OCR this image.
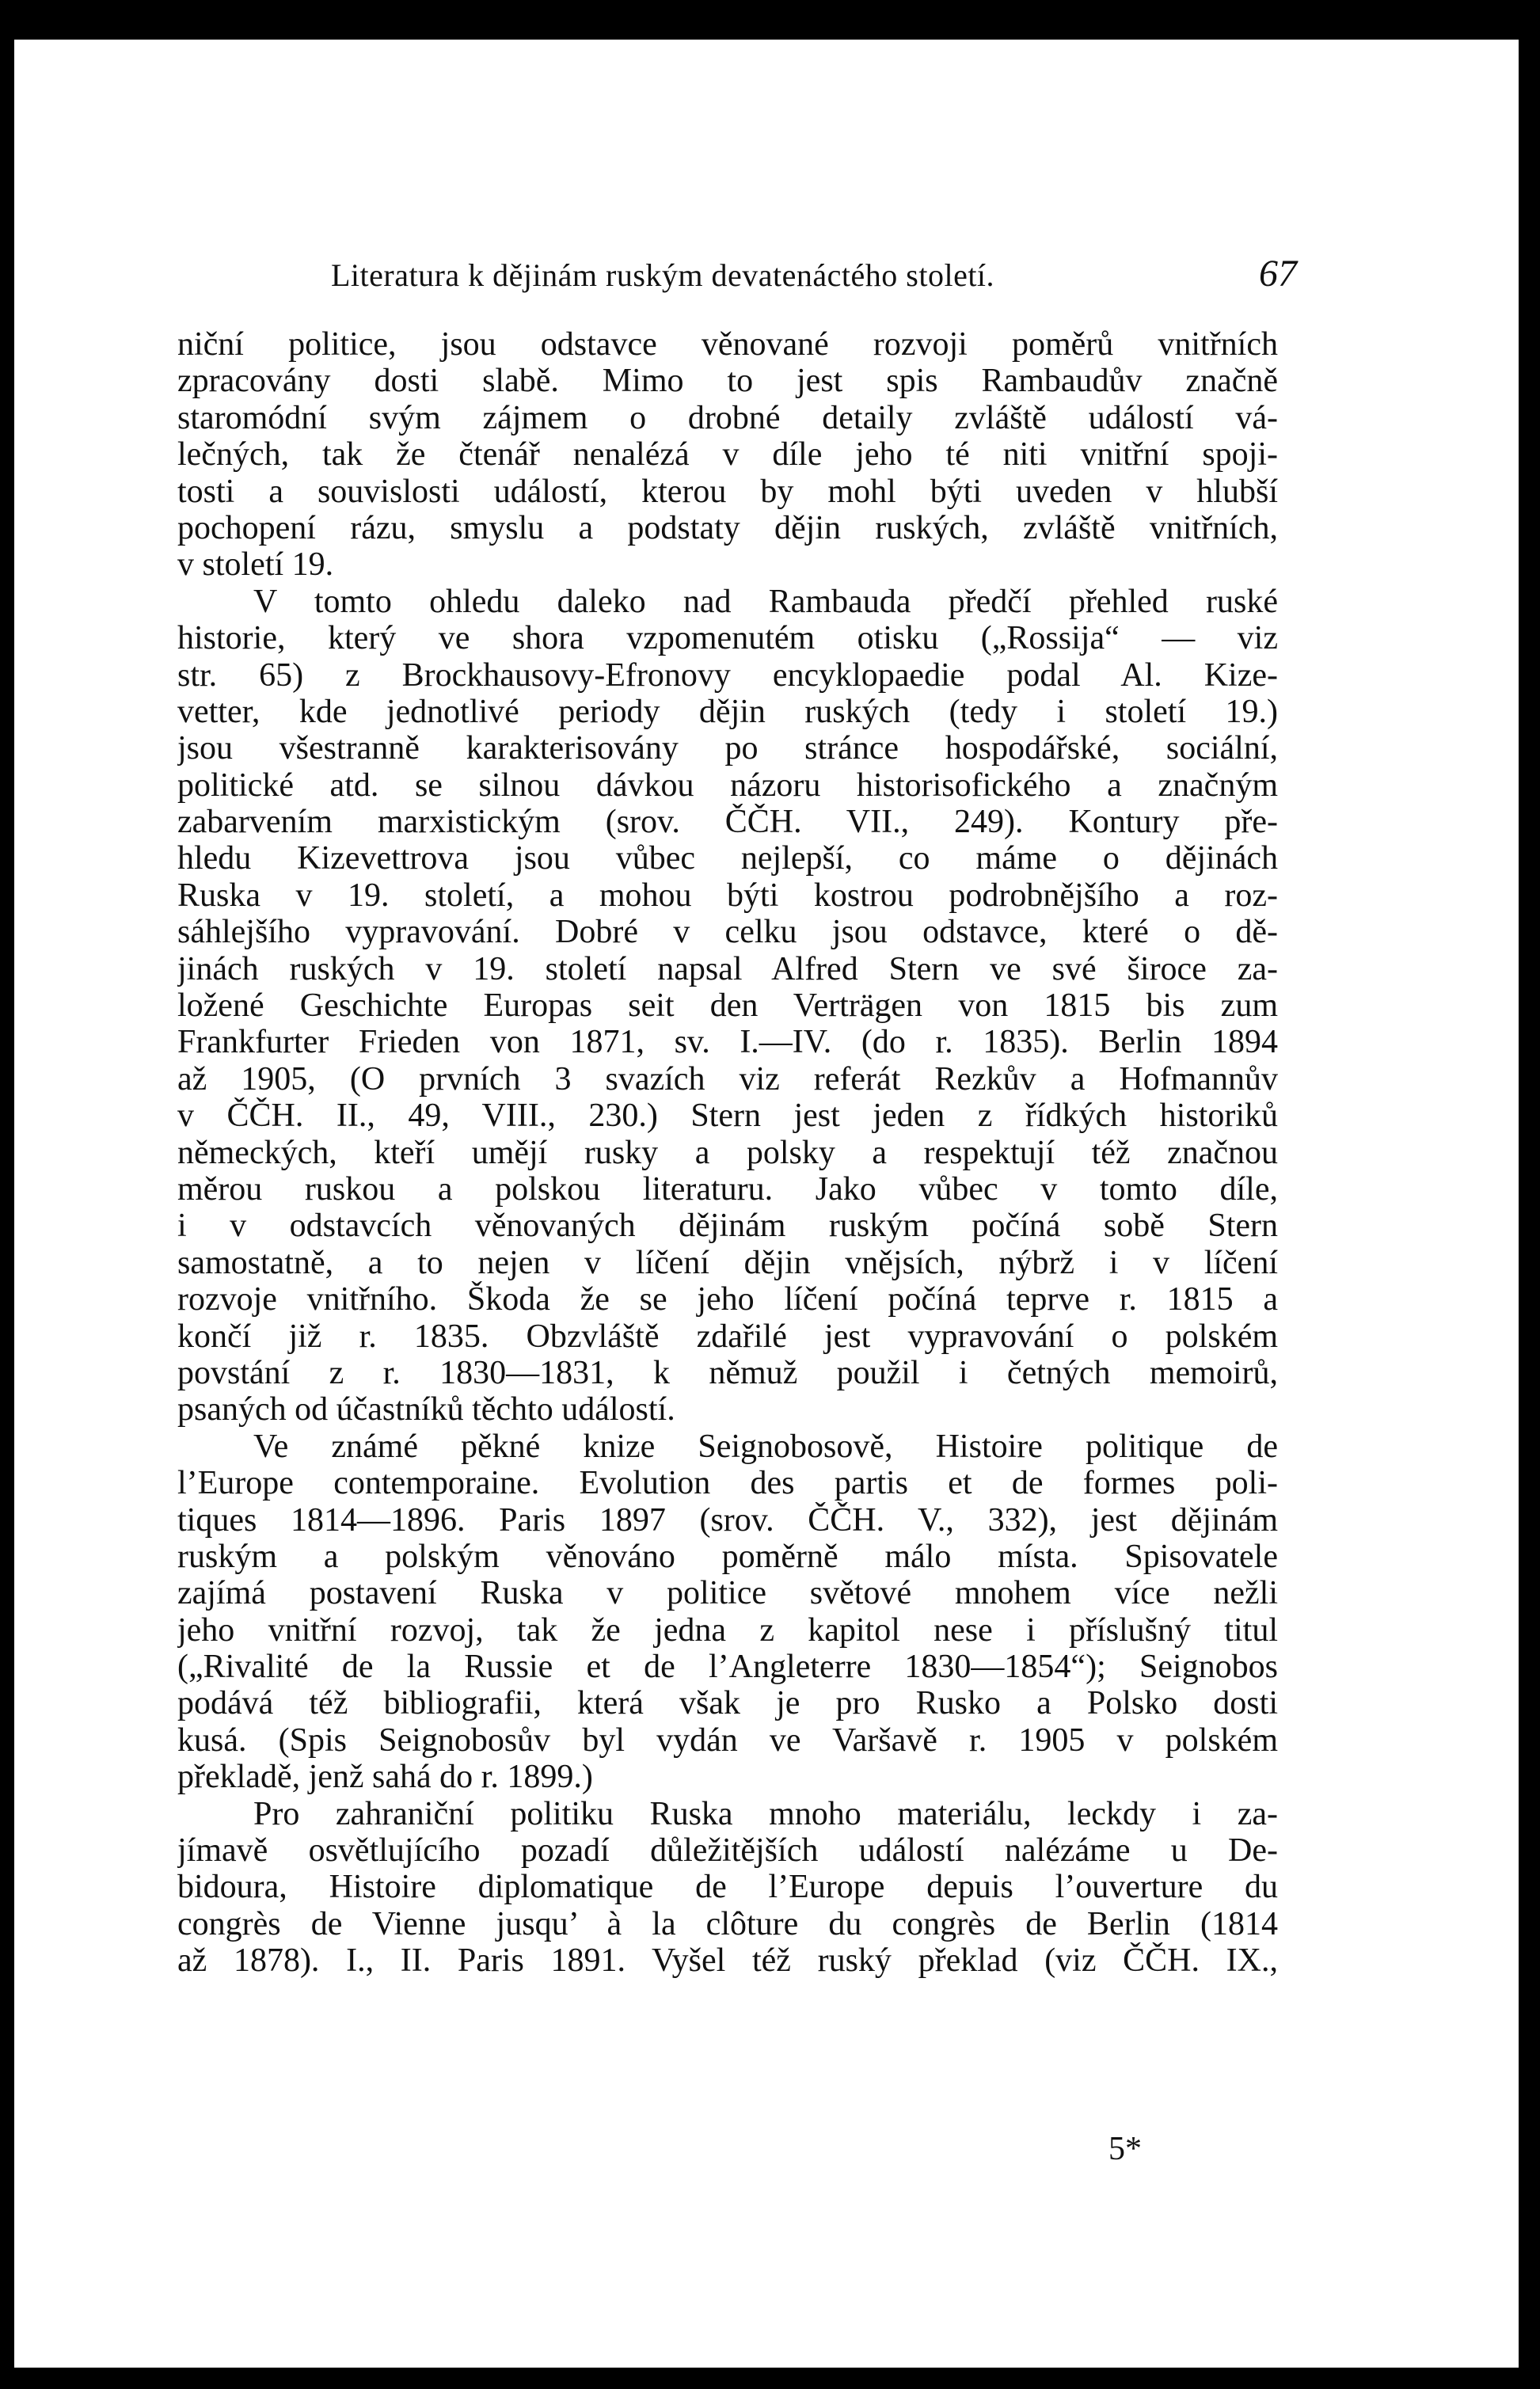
Literatura k dějinám ruským devatenáctého století.	67
niční politice, jsou odstavce věnované rozvoji poměrů vnitřních
zpracovány dosti slabě. Mimo to jest spis Rambaudův značně
staromódní svým zájmem o drobné detaily zvláště událostí vá-
lečných, tak že čtenář nenalézá v díle jeho té niti vnitřní spoji-
tosti a souvislosti událostí, kterou by mohl býti uveden v hlubší
pochopení rázu, smyslu a podstaty dějin ruských, zvláště vnitřních,
v století 19.
V tomto ohledu daleko nad Rambauda předčí přehled ruské
historie, který ve shora vzpomenutém otisku („Rossija“ — viz
str. 65) z Brockhausovy-Efronovy encyklopaedie podal Al. Kize-
vetter, kde jednotlivé periody dějin ruských (tedy i století 19.)
jsou všestranně karakterisovány po stránce hospodářské, sociální,
politické atd. se silnou dávkou názoru historisofického a značným
zabarvením marxistickým (srov. ČČH. VII., 249). Kontury pře-
hledu Kizevettrova jsou vůbec nejlepší, co máme o dějinách
Ruska v 19. století, a mohou býti kostrou podrobnějšího a roz-
sáhlejšího vypravování. Dobré v celku jsou odstavce, které o dě-
jinách ruských v 19. století napsal Alfred Stern ve své široce za-
ložené Geschichte Europas seit den Verträgen von 1815 bis zum
Frankfurter Frieden von 1871, sv. I.—IV. (do r. 1835). Berlin 1894
až 1905, (O prvních 3 svazích viz referát Rezkův a Hofmannův
v ČČH. II., 49, VIII., 230.) Stern jest jeden z řídkých historiků
německých, kteří umějí rusky a polsky a respektují též značnou
měrou ruskou a polskou literaturu. Jako vůbec v tomto díle,
i v odstavcích věnovaných dějinám ruským počíná sobě Stern
samostatně, a to nejen v líčení dějin vnějsích, nýbrž i v líčení
rozvoje vnitřního. Škoda že se jeho líčení počíná teprve r. 1815 a
končí již r. 1835. Obzvláště zdařilé jest vypravování o polském
povstání z r. 1830—1831, k němuž použil i četných memoirů,
psaných od účastníků těchto událostí.
Ve známé pěkné knize Seignobosově, Histoire politique de
l’Europe contemporaine. Evolution des partis et de formes poli-
tiques 1814—1896. Paris 1897 (srov. ČČH. V., 332), jest dějinám
ruským a polským věnováno poměrně málo místa. Spisovatele
zajímá postavení Ruska v politice světové mnohem více nežli
jeho vnitřní rozvoj, tak že jedna z kapitol nese i příslušný titul
(„Rivalité de la Russie et de l’Angleterre 1830—1854“); Seignobos
podává též bibliografii, která však je pro Rusko a Polsko dosti
kusá. (Spis Seignobosův byl vydán ve Varšavě r. 1905 v polském
překladě, jenž sahá do r. 1899.)
Pro zahraniční politiku Ruska mnoho materiálu, leckdy i za-
jímavě osvětlujícího pozadí důležitějších událostí nalézáme u De-
bidoura, Histoire diplomatique de l’Europe depuis l’ouverture du
congrès de Vienne jusqu’ à la clôture du congrès de Berlin (1814
až 1878). I., II. Paris 1891. Vyšel též ruský překlad (viz ČČH. IX.,
5*
